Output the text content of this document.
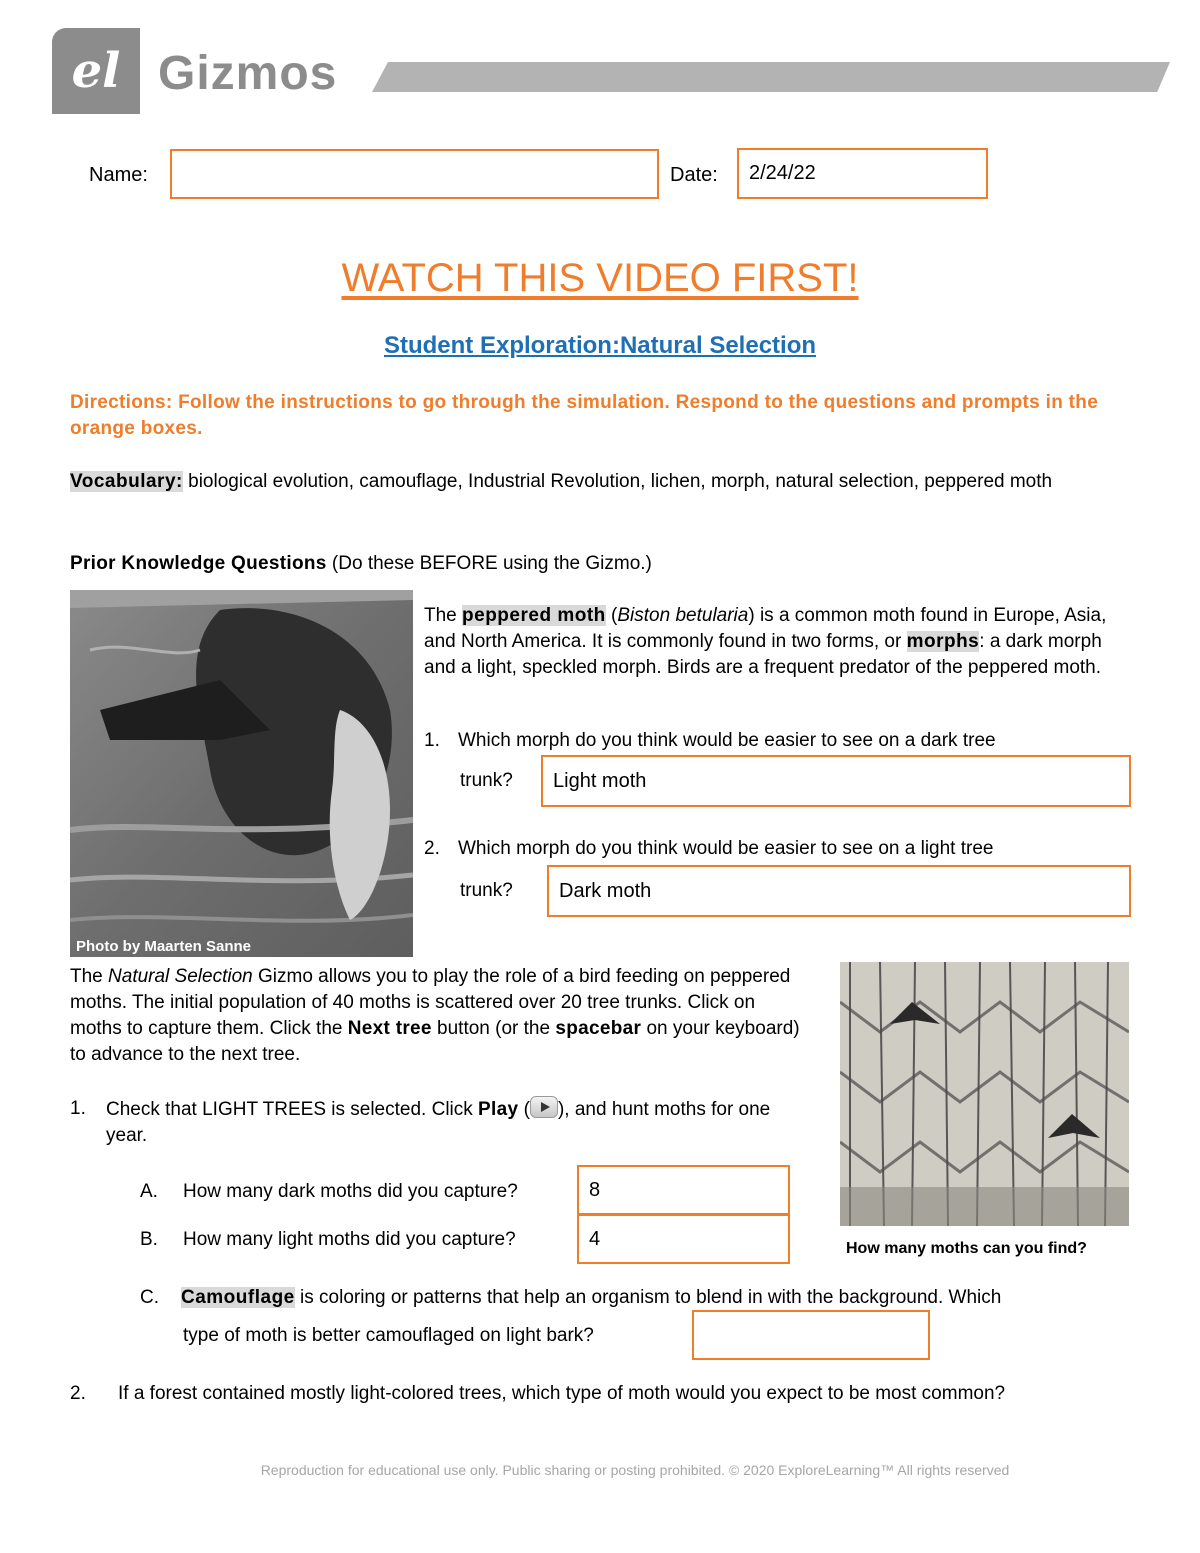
el Gizmos
Name:	Date:	2/24/22
WATCH THIS VIDEO FIRST!
Student Exploration:Natural Selection
Directions: Follow the instructions to go through the simulation. Respond to the questions and prompts in the orange boxes.
Vocabulary: biological evolution, camouflage, Industrial Revolution, lichen, morph, natural selection, peppered moth
Prior Knowledge Questions (Do these BEFORE using the Gizmo.)
Photo by Maarten Sanne
The peppered moth (Biston betularia) is a common moth found in Europe, Asia, and North America. It is commonly found in two forms, or morphs: a dark morph and a light, speckled morph. Birds are a frequent predator of the peppered moth.
1. Which morph do you think would be easier to see on a dark tree
trunk?	Light moth
2. Which morph do you think would be easier to see on a light tree
trunk?	Dark moth
The Natural Selection Gizmo allows you to play the role of a bird feeding on peppered moths. The initial population of 40 moths is scattered over 20 tree trunks. Click on moths to capture them. Click the Next tree button (or the spacebar on your keyboard) to advance to the next tree.
How many moths can you find?
1. Check that LIGHT TREES is selected. Click Play ( ), and hunt moths for one year.
A. How many dark moths did you capture?	8
B. How many light moths did you capture?	4
C. Camouflage is coloring or patterns that help an organism to blend in with the background. Which
type of moth is better camouflaged on light bark?
2. If a forest contained mostly light-colored trees, which type of moth would you expect to be most common?
Reproduction for educational use only. Public sharing or posting prohibited. © 2020 ExploreLearning™ All rights reserved
